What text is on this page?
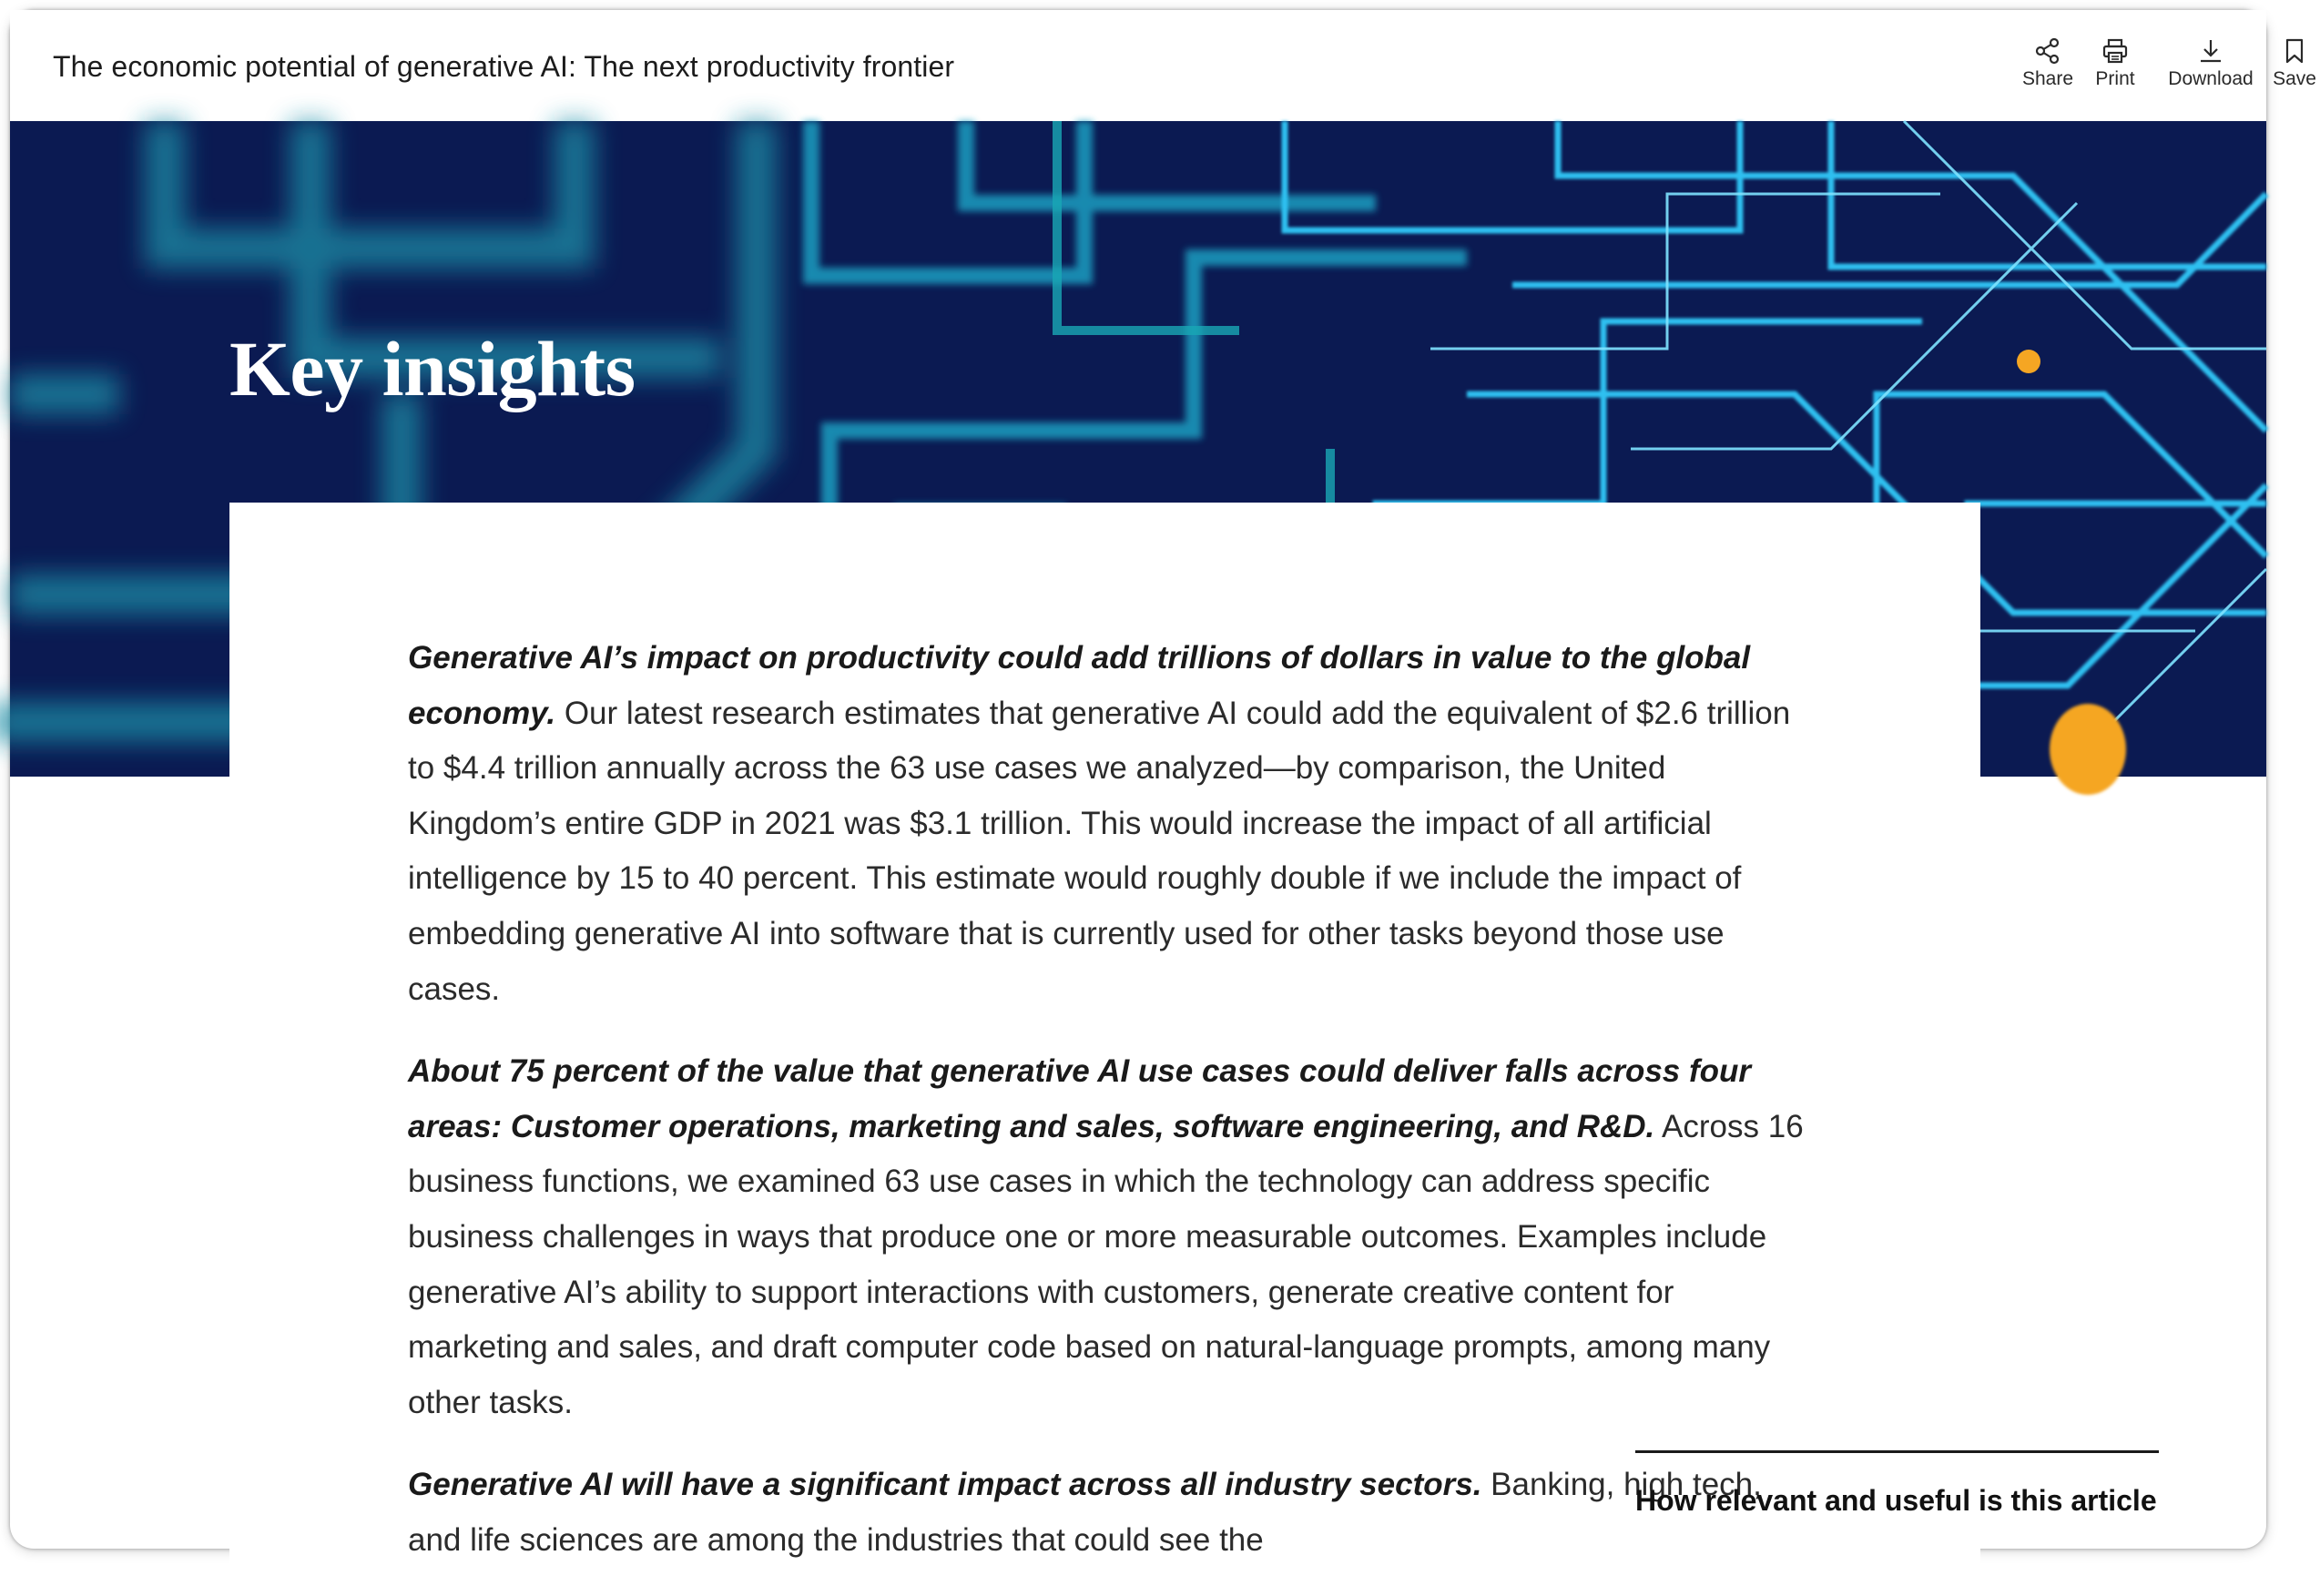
The economic potential of generative AI: The next productivity frontier	Share	Print	Download Save
Key insights

Generative AI’s impact on productivity could add trillions of dollars in value to the global economy. Our latest research estimates that generative AI could add the equivalent of $2.6 trillion to $4.4 trillion annually across the 63 use cases we analyzed—by comparison, the United Kingdom’s entire GDP in 2021 was $3.1 trillion. This would increase the impact of all artificial intelligence by 15 to 40 percent. This estimate would roughly double if we include the impact of embedding generative AI into software that is currently used for other tasks beyond those use cases.

About 75 percent of the value that generative AI use cases could deliver falls across four areas: Customer operations, marketing and sales, software engineering, and R&D. Across 16 business functions, we examined 63 use cases in which the technology can address specific business challenges in ways that produce one or more measurable outcomes. Examples include generative AI’s ability to support interactions with customers, generate creative content for marketing and sales, and draft computer code based on natural-language prompts, among many other tasks.

Generative AI will have a significant impact across all industry sectors. Banking, high tech, and life sciences are among the industries that could see the

How relevant and useful is this article
